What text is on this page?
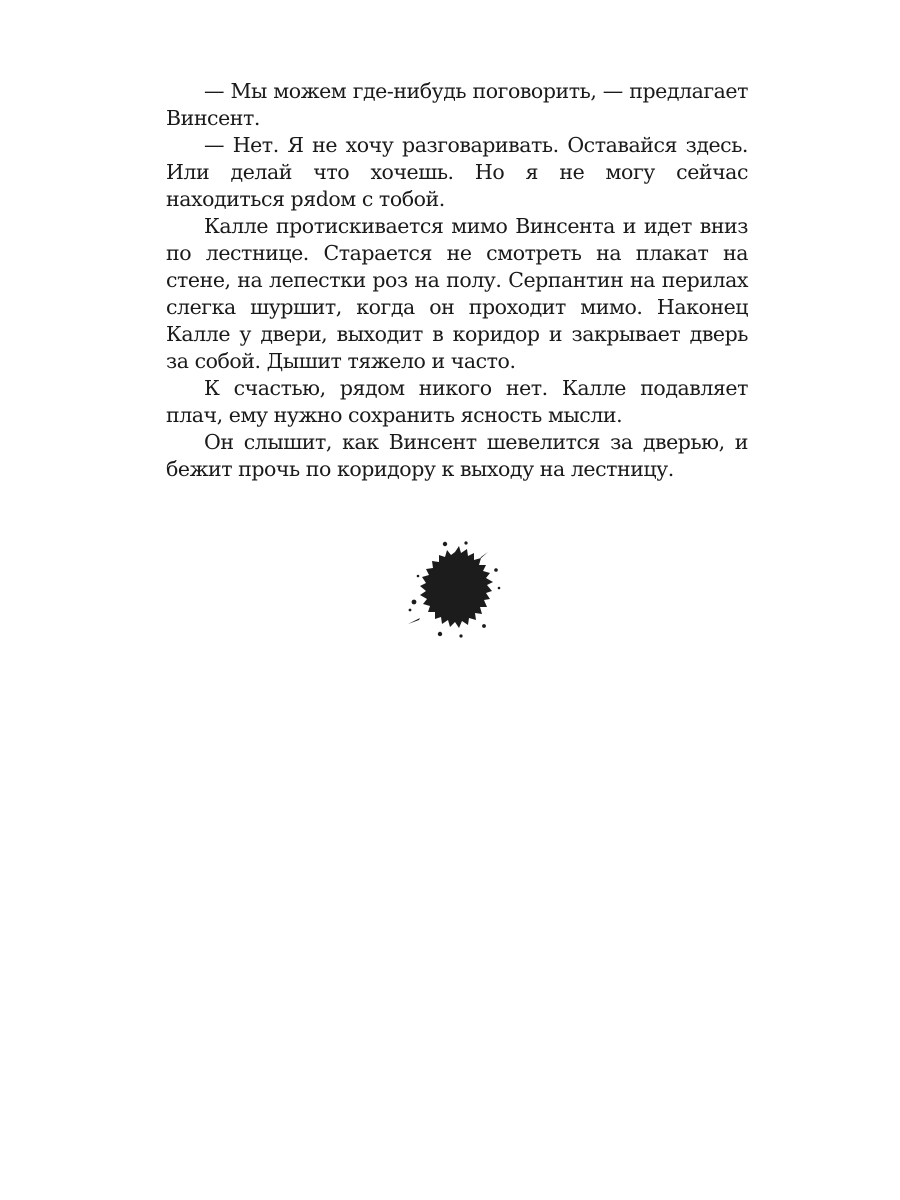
— Мы можем где-нибудь поговорить, — предлагает Винсент.

— Нет. Я не хочу разговаривать. Оставайся здесь. Или делай что хочешь. Но я не могу сейчас находиться ряdом с тобой.

Калле протискивается мимо Винсента и идет вниз по лестнице. Старается не смотреть на плакат на стене, на лепестки роз на полу. Серпантин на перилах слегка шуршит, когда он проходит мимо. Наконец Калле у двери, выходит в коридор и закрывает дверь за собой. Дышит тяжело и часто.

К счастью, рядом никого нет. Калле подавляет плач, ему нужно сохранить ясность мысли.

Он слышит, как Винсент шевелится за дверью, и бежит прочь по коридору к выходу на лестницу.
